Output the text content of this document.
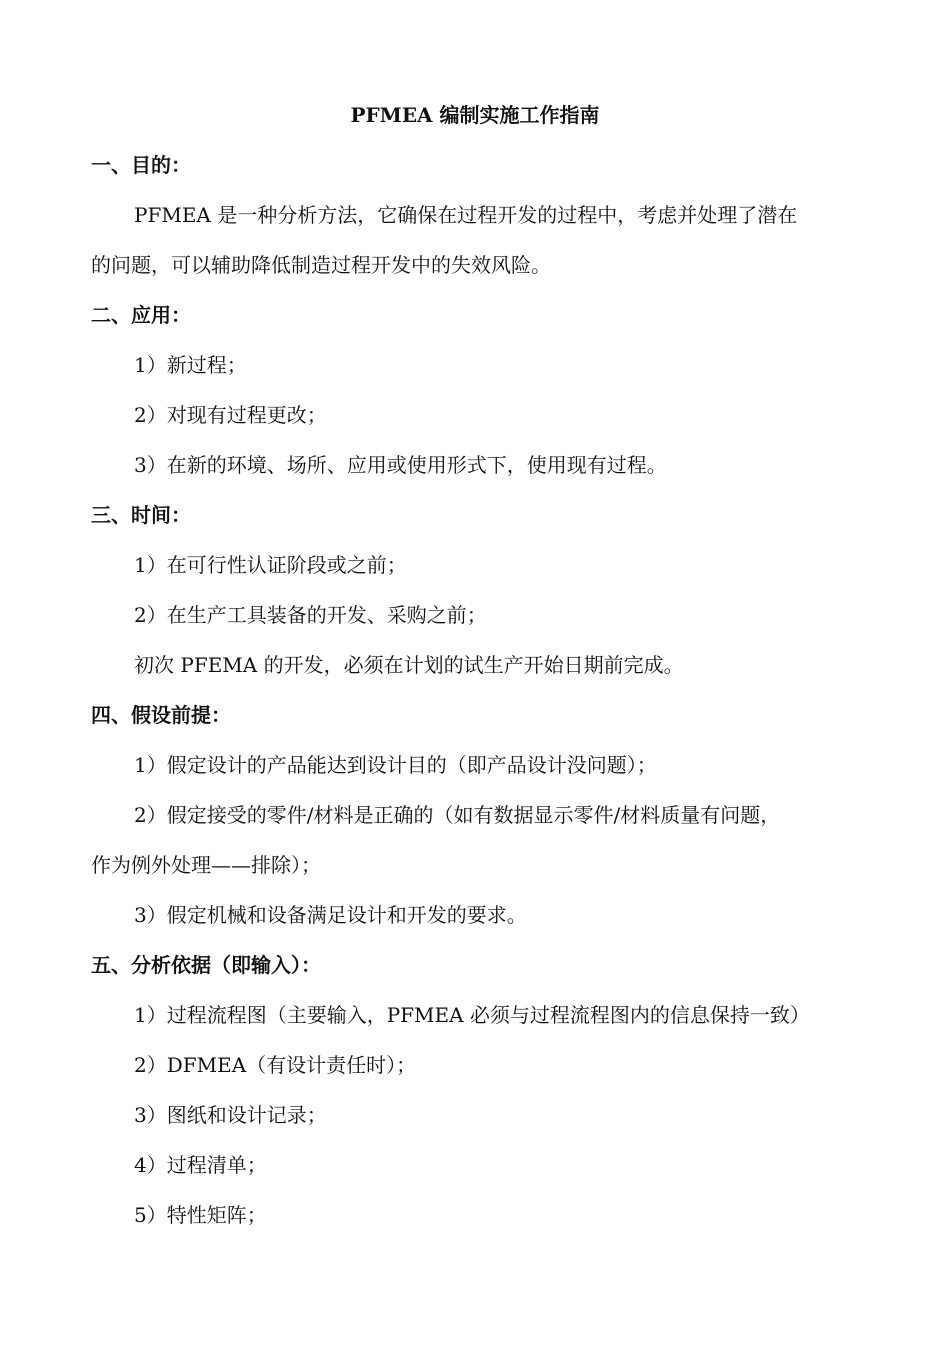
PFMEA 编制实施工作指南
一、目的：
PFMEA 是一种分析方法，它确保在过程开发的过程中，考虑并处理了潜在
的问题，可以辅助降低制造过程开发中的失效风险。
二、应用：
1）新过程；
2）对现有过程更改；
3）在新的环境、场所、应用或使用形式下，使用现有过程。
三、时间：
1）在可行性认证阶段或之前；
2）在生产工具装备的开发、采购之前；
初次 PFEMA 的开发，必须在计划的试生产开始日期前完成。
四、假设前提：
1）假定设计的产品能达到设计目的（即产品设计没问题）；
2）假定接受的零件/材料是正确的（如有数据显示零件/材料质量有问题，
作为例外处理——排除）；
3）假定机械和设备满足设计和开发的要求。
五、分析依据（即输入）：
1）过程流程图（主要输入，PFMEA 必须与过程流程图内的信息保持一致）
2）DFMEA（有设计责任时）；
3）图纸和设计记录；
4）过程清单；
5）特性矩阵；
